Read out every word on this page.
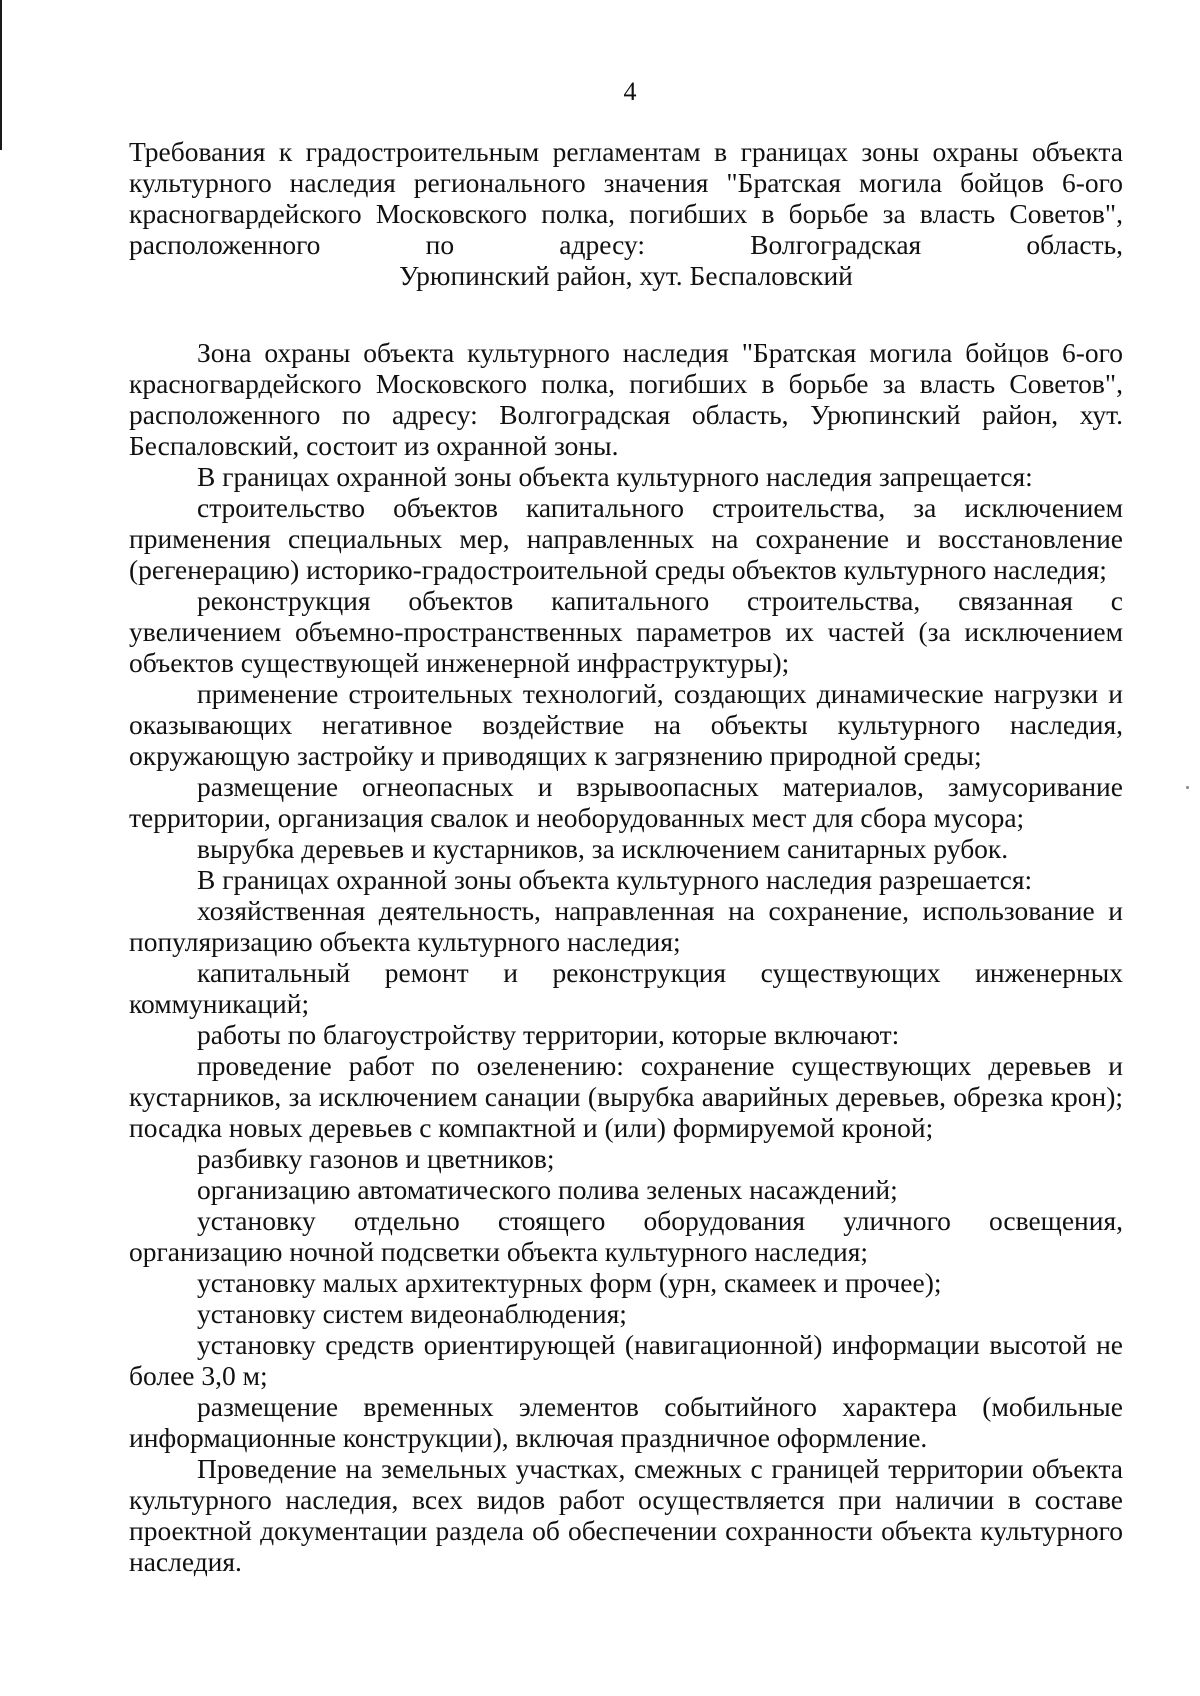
4
Требования к градостроительным регламентам в границах зоны охраны объекта культурного наследия регионального значения "Братская могила бойцов 6-ого красногвардейского Московского полка, погибших в борьбе за власть Советов", расположенного по адресу: Волгоградская область,
Урюпинский район, хут. Беспаловский

Зона охраны объекта культурного наследия "Братская могила бойцов 6-ого красногвардейского Московского полка, погибших в борьбе за власть Советов", расположенного по адресу: Волгоградская область, Урюпинский район, хут. Беспаловский, состоит из охранной зоны.

В границах охранной зоны объекта культурного наследия запрещается:

строительство объектов капитального строительства, за исключением применения специальных мер, направленных на сохранение и восстановление (регенерацию) историко-градостроительной среды объектов культурного наследия;

реконструкция объектов капитального строительства, связанная с увеличением объемно-пространственных параметров их частей (за исключением объектов существующей инженерной инфраструктуры);

применение строительных технологий, создающих динамические нагрузки и оказывающих негативное воздействие на объекты культурного наследия, окружающую застройку и приводящих к загрязнению природной среды;

размещение огнеопасных и взрывоопасных материалов, замусоривание территории, организация свалок и необорудованных мест для сбора мусора;

вырубка деревьев и кустарников, за исключением санитарных рубок.

В границах охранной зоны объекта культурного наследия разрешается:

хозяйственная деятельность, направленная на сохранение, использование и популяризацию объекта культурного наследия;

капитальный ремонт и реконструкция существующих инженерных коммуникаций;

работы по благоустройству территории, которые включают:

проведение работ по озеленению: сохранение существующих деревьев и кустарников, за исключением санации (вырубка аварийных деревьев, обрезка крон); посадка новых деревьев с компактной и (или) формируемой кроной;

разбивку газонов и цветников;

организацию автоматического полива зеленых насаждений;

установку отдельно стоящего оборудования уличного освещения, организацию ночной подсветки объекта культурного наследия;

установку малых архитектурных форм (урн, скамеек и прочее);

установку систем видеонаблюдения;

установку средств ориентирующей (навигационной) информации высотой не более 3,0 м;

размещение временных элементов событийного характера (мобильные информационные конструкции), включая праздничное оформление.

Проведение на земельных участках, смежных с границей территории объекта культурного наследия, всех видов работ осуществляется при наличии в составе проектной документации раздела об обеспечении сохранности объекта культурного наследия.
